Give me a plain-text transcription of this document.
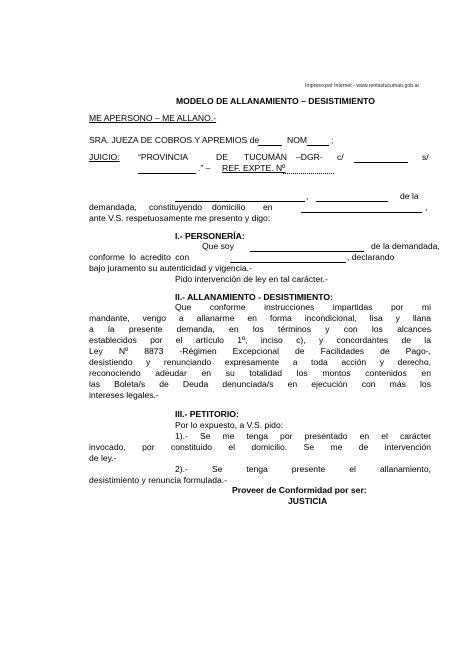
Impreso por Internet - www.rentastucuman.gob.ar
MODELO DE ALLANAMIENTO – DESISTIMIENTO
ME APERSONO – ME ALLANO.-
SRA. JUEZA DE COBROS Y APREMIOS de	NOM	;
JUICIO: “PROVINCIA	DE TUCUMÁN –DGR- c/	s/
.” – REF. EXPTE. Nº
,	de la
demandada, constituyendo domicilio en	,
ante V.S. respetuosamente me presento y digo:
I.- PERSONERÍA:
Que soy	de la demandada,
conforme lo acredito con	, declarando
bajo juramento su autenticidad y vigencia.-
Pido intervención de ley en tal carácter.-
II.- ALLANAMIENTO - DESISTIMIENTO:
Que conforme instrucciones impartidas por mi
mandante, vengo a allanarme en forma incondicional, lisa y llana
a la presente demanda, en los términos y con los alcances
establecidos por el artículo 1º, inciso c), y concordantes de la
Ley Nº 8873 -Régimen Excepcional de Facilidades de Pago-,
desistiendo y renunciando expresamente a toda acción y derecho,
reconociendo adeudar en su totalidad los montos contenidos en
las Boleta/s de Deuda denunciada/s en ejecución con más los
intereses legales.-
III.- PETITORIO:
Por lo expuesto, a V.S. pido:
1).- Se me tenga por presentado en el carácter
invocado, por constituido el domicilio. Se me de intervención
de ley.-
2).- Se tenga presente el allanamiento,
desistimiento y renuncia formulada.-
Proveer de Conformidad por ser:
JUSTICIA
